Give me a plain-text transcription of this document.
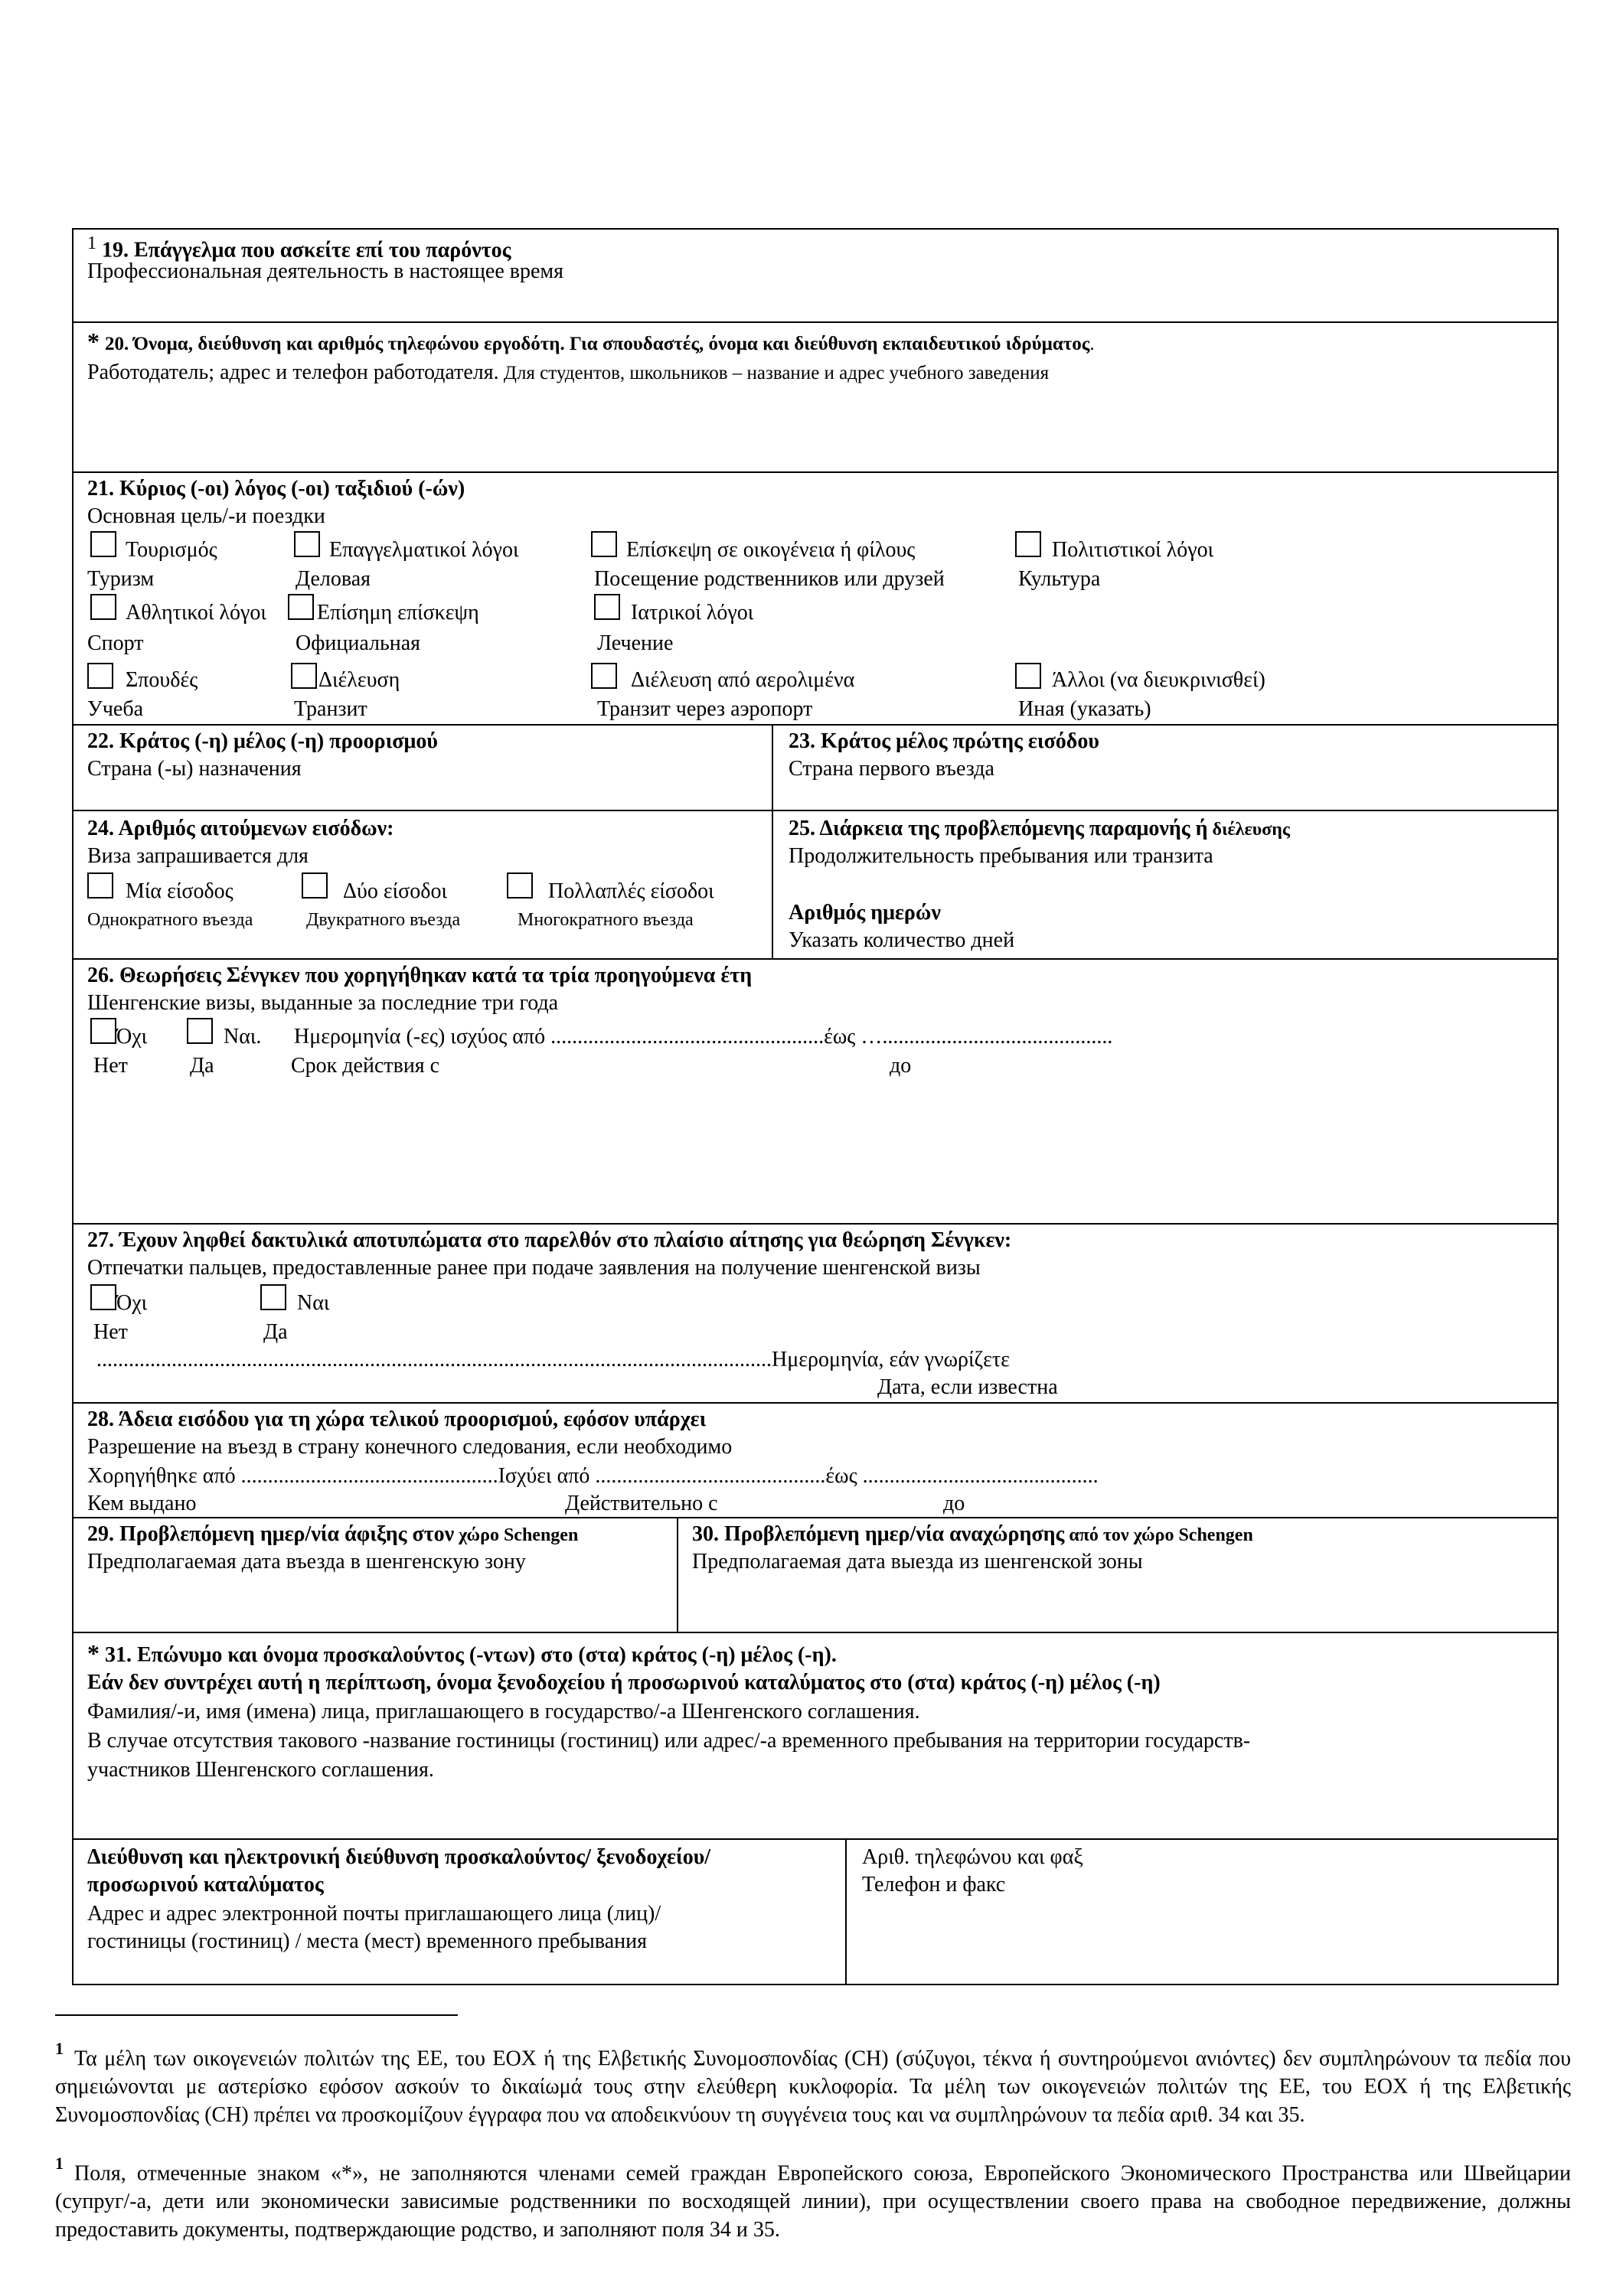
$^1$ 19. Επάγγελμα που ασκείτε επί του παρόντος
Профессиональная деятельность в настоящее время
* 20. Όνομα, διεύθυνση και αριθμός τηλεφώνου εργοδότη. Για σπουδαστές, όνομα και διεύθυνση εκπαιδευτικού ιδρύματος.
Работодатель; адрес и телефон работодателя. Для студентов, школьников – название и адрес учебного заведения
21. Κύριος (-οι) λόγος (-οι) ταξιδιού (-ών)
Основная цель/-и поездки
Τουρισμός
Туризм
Επαγγελματικοί λόγοι
Деловая
Επίσκεψη σε οικογένεια ή φίλους
Посещение родственников или друзей
Πολιτιστικοί λόγοι
Культура
Αθλητικοί λόγοι
Спорт
Επίσημη επίσκεψη
Официальная
Ιατρικοί λόγοι
Лечение
Σπουδές
Учеба
Διέλευση
Транзит
Διέλευση από αερολιμένα
Транзит через аэропорт
Άλλοι (να διευκρινισθεί)
Иная (указать)
22. Κράτος (-η) μέλος (-η) προορισμού
Страна (-ы) назначения
23. Κράτος μέλος πρώτης εισόδου
Страна первого въезда
24. Αριθμός αιτούμενων εισόδων:
Виза запрашивается для
Μία είσοδος
Однократного въезда
Δύο είσοδοι
Двукратного въезда
Πολλαπλές είσοδοι
Многократного въезда
25. Διάρκεια της προβλεπόμενης παραμονής ή διέλευσης
Продолжительность пребывания или транзита
Αριθμός ημερών
Указать количество дней
26. Θεωρήσεις Σένγκεν που χορηγήθηκαν κατά τα τρία προηγούμενα έτη
Шенгенские визы, выданные за последние три года
Όχι
Нет
Ναι.
Да
Ημερομηνία (-ες) ισχύος από ...................................................έως …...........................................
Срок действия с	до
27. Έχουν ληφθεί δακτυλικά αποτυπώματα στο παρελθόν στο πλαίσιο αίτησης για θεώρηση Σένγκεν:
Отпечатки пальцев, предоставленные ранее при подаче заявления на получение шенгенской визы
Όχι
Нет
Ναι
Да
..............................................................................................................................Ημερομηνία, εάν γνωρίζετε
Дата, если известна
28. Άδεια εισόδου για τη χώρα τελικού προορισμού, εφόσον υπάρχει
Разрешение на въезд в страну конечного следования, если необходимо
Χορηγήθηκε από ................................................Ισχύει από ...........................................έως ............................................
Кем выдано	Действительно с	до
29. Προβλεπόμενη ημερ/νία άφιξης στον χώρο Schengen
Предполагаемая дата въезда в шенгенскую зону
30. Προβλεπόμενη ημερ/νία αναχώρησης από τον χώρο Schengen
Предполагаемая дата выезда из шенгенской зоны
* 31. Επώνυμο και όνομα προσκαλούντος (-ντων) στο (στα) κράτος (-η) μέλος (-η).
Εάν δεν συντρέχει αυτή η περίπτωση, όνομα ξενοδοχείου ή προσωρινού καταλύματος στο (στα) κράτος (-η) μέλος (-η)
Фамилия/-и, имя (имена) лица, приглашающего в государство/-а Шенгенского соглашения.
В случае отсутствия такового -название гостиницы (гостиниц) или адрес/-а временного пребывания на территории государств-
участников Шенгенского соглашения.
Διεύθυνση και ηλεκτρονική διεύθυνση προσκαλούντος/ ξενοδοχείου/
προσωρινού καταλύματος
Адрес и адрес электронной почты приглашающего лица (лиц)/
гостиницы (гостиниц) / места (мест) временного пребывания
Αριθ. τηλεφώνου και φαξ
Телефон и факс
$^1$ Τα μέλη των οικογενειών πολιτών της ΕΕ, του ΕΟΧ ή της Ελβετικής Συνομοσπονδίας (CH) (σύζυγοι, τέκνα ή συντηρούμενοι ανιόντες) δεν συμπληρώνουν τα πεδία που σημειώνονται με αστερίσκο εφόσον ασκούν το δικαίωμά τους στην ελεύθερη κυκλοφορία. Τα μέλη των οικογενειών πολιτών της ΕΕ, του ΕΟΧ ή της Ελβετικής Συνομοσπονδίας (CH) πρέπει να προσκομίζουν έγγραφα που να αποδεικνύουν τη συγγένεια τους και να συμπληρώνουν τα πεδία αριθ. 34 και 35.
$^1$ Поля, отмеченные знаком «*», не заполняются членами семей граждан Европейского союза, Европейского Экономического Пространства или Швейцарии (супруг/-а, дети или экономически зависимые родственники по восходящей линии), при осуществлении своего права на свободное передвижение, должны предоставить документы, подтверждающие родство, и заполняют поля 34 и 35.
